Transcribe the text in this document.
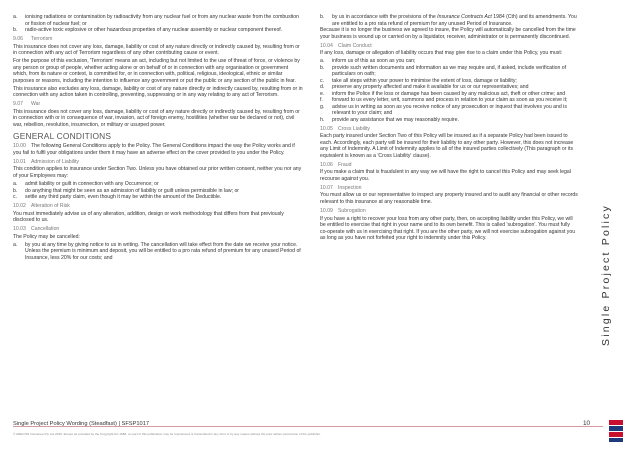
a.	ionising radiations or contamination by radioactivity from any nuclear fuel or from any nuclear waste from the combustion or fission of nuclear fuel; or
b.	radio-active toxic explosive or other hazardous properties of any nuclear assembly or nuclear component thereof.
9.06 Terrorism

This insurance does not cover any loss, damage, liability or cost of any nature directly or indirectly caused by, resulting from or in connection with any act of Terrorism regardless of any other contributing cause or event.

For the purpose of this exclusion, 'Terrorism' means an act, including but not limited to the use of threat of force, or violence by any person or group of people, whether acting alone or on behalf of or in connection with any organisation or government which, from its nature or context, is committed for, or in connection with, political, religious, ideological, ethnic or similar purposes or reasons, including the intention to influence any government or put the public or any section of the public in fear.

This insurance also excludes any loss, damage, liability or cost of any nature directly or indirectly caused by, resulting from or in connection with any action taken in controlling, preventing, suppressing or in any way relating to any act of Terrorism.

9.07 War

This insurance does not cover any loss, damage, liability or cost of any nature directly or indirectly caused by, resulting from or in connection with or in consequence of war, invasion, act of foreign enemy, hostilities (whether war be declared or not), civil war, rebellion, revolution, insurrection, or military or usurped power.

GENERAL CONDITIONS

10.00 The following General Conditions apply to the Policy. The General Conditions impact the way the Policy works and if you fail to fulfil your obligations under them it may have an adverse effect on the cover provided to you under the Policy.

10.01 Admission of Liability

This condition applies to insurance under Section Two. Unless you have obtained our prior written consent, neither you nor any of your Employees may:

a.	admit liability or guilt in connection with any Occurrence; or
b.	do anything that might be seen as an admission of liability or guilt unless permissible in law; or
c.	settle any third party claim, even though it may be within the amount of the Deductible.
10.02 Alteration of Risk

You must immediately advise us of any alteration, addition, design or work methodology that differs from that previously disclosed to us.

10.03 Cancellation

The Policy may be cancelled:

a.	by you at any time by giving notice to us in writing. The cancellation will take effect from the date we receive your notice. Unless the premium is minimum and deposit, you will be entitled to a pro rata refund of premium for any unused Period of Insurance, less 20% for our costs; and
b.	by us in accordance with the provisions of the Insurance Contracts Act 1984 (Cth) and its amendments. You are entitled to a pro rata refund of premium for any unused Period of Insurance.

Because it is no longer the business we agreed to insure, the Policy will automatically be cancelled from the time your business is wound up or carried on by a liquidator, receiver, administrator or is permanently discontinued.

10.04 Claim Conduct

If any loss, damage or allegation of liability occurs that may give rise to a claim under this Policy, you must:

a.	inform us of this as soon as you can;
b.	provide such written documents and information as we may require and, if asked, include verification of particulars on oath;
c.	take all steps within your power to minimise the extent of loss, damage or liability;
d.	preserve any property affected and make it available for us or our representatives; and
e.	inform the Police if the loss or damage has been caused by any malicious act, theft or other crime; and
f.	forward to us every letter, writ, summons and process in relation to your claim as soon as you receive it;
g.	advise us in writing as soon as you receive notice of any prosecution or inquest that involves you and is relevant to your claim; and
h.	provide any assistance that we may reasonably require.
10.05 Cross Liability

Each party insured under Section Two of this Policy will be insured as if a separate Policy had been issued to each. Accordingly, each party will be insured for their liability to any other party. However, this does not increase any Limit of Indemnity. A Limit of Indemnity applies to all of the insured parties collectively (This paragraph or its equivalent is known as a 'Cross Liability' clause).

10.06 Fraud

If you make a claim that is fraudulent in any way we will have the right to cancel this Policy and may seek legal recourse against you.

10.07 Inspection

You must allow us or our representative to inspect any property insured and to audit any financial or other records relevant to this insurance at any reasonable time.

10.09 Subrogation

If you have a right to recover your loss from any other party, then, on accepting liability under this Policy, we will be entitled to exercise that right in your name and to its own benefit. This is called 'subrogation'. You must fully co-operate with us in exercising that right. If you are the other party, we will not exercise subrogation against you as long as you have not forfeited your right to indemnity under this Policy.	Single Project Policy
Single Project Policy Wording (Steadfast) | SFSP1017	10
© ARECON Insurance Pty Ltd 2015. Except as provided by the Copyright Act 1968, no part of this publication may be reproduced or transmitted in any form or by any means without the prior written permission of the publisher.
